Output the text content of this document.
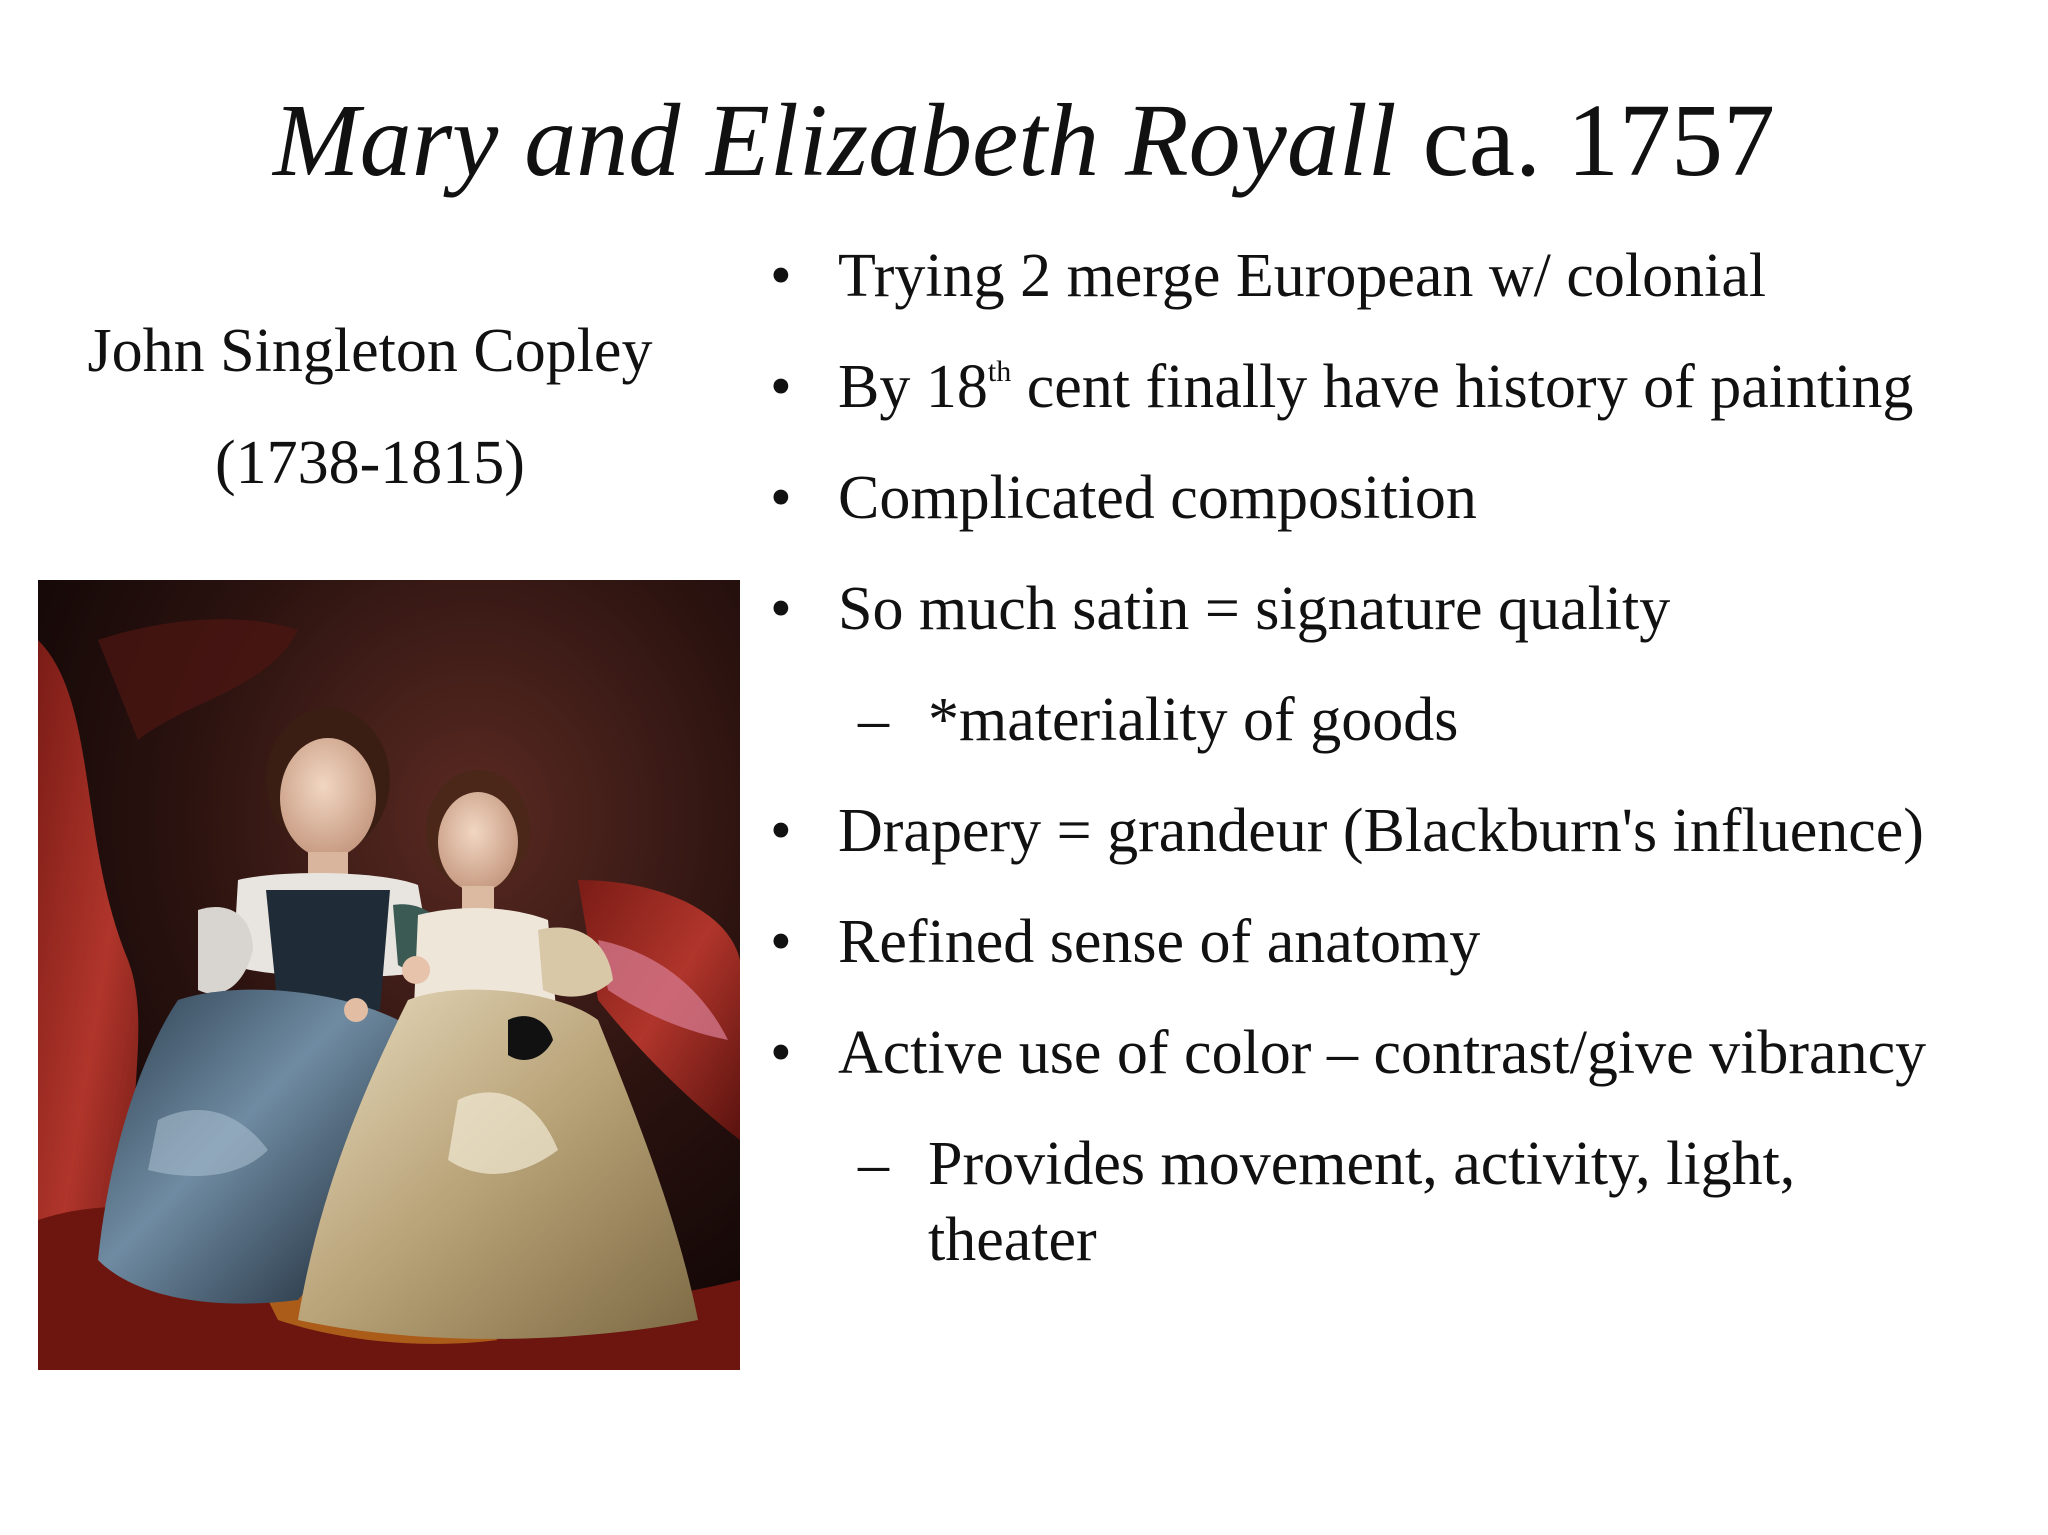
Mary and Elizabeth Royall ca. 1757
John Singleton Copley
(1738-1815)
• Trying 2 merge European w/ colonial
• By 18th cent finally have history of painting
• Complicated composition
• So much satin = signature quality
– *materiality of goods
• Drapery = grandeur (Blackburn's influence)
• Refined sense of anatomy
• Active use of color – contrast/give vibrancy
– Provides movement, activity, light, theater
